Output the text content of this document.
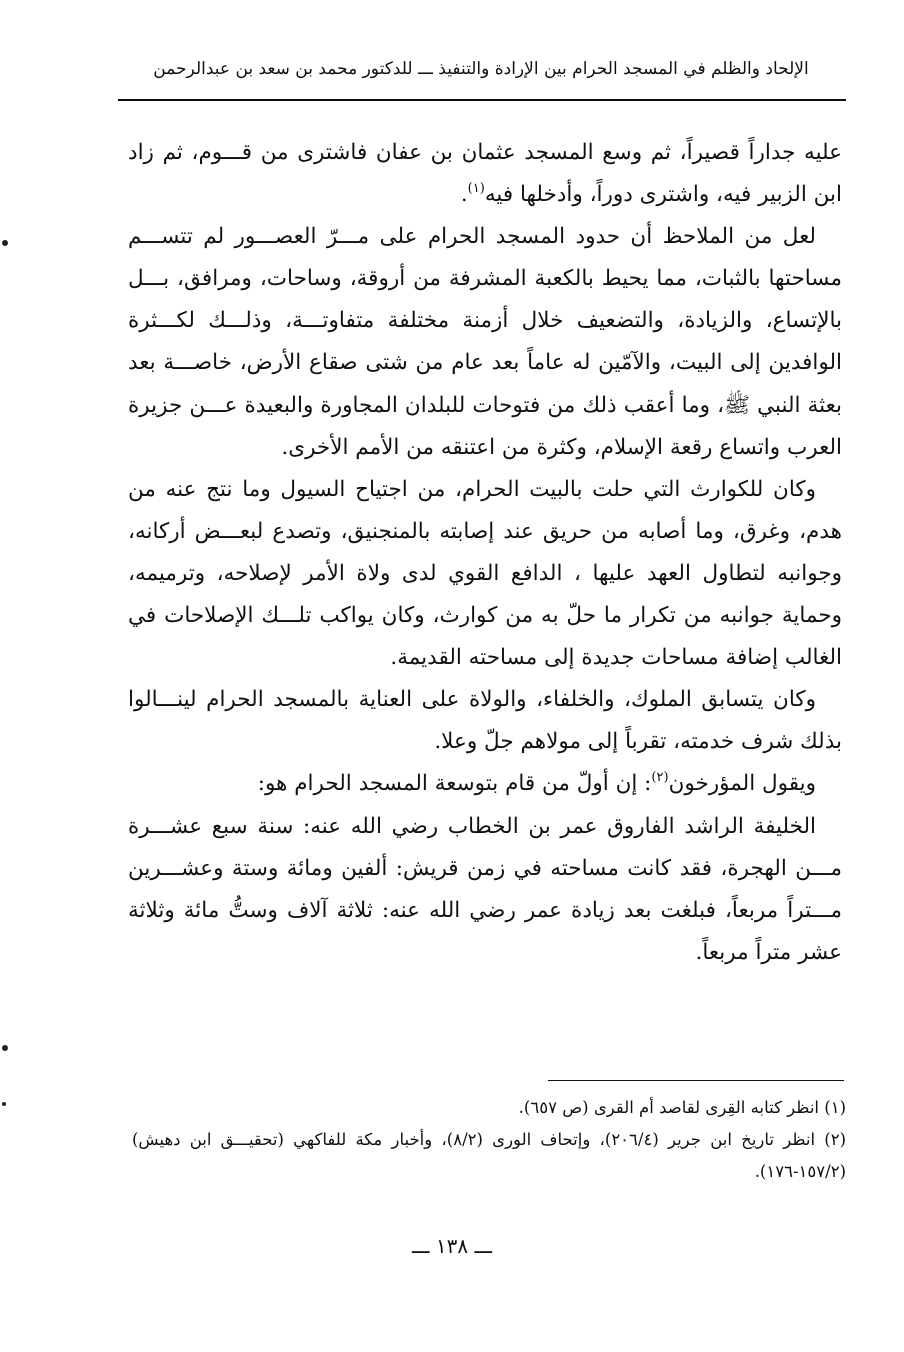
الإلحاد والظلم في المسجد الحرام بين الإرادة والتنفيذ ـــ للدكتور محمد بن سعد بن عبدالرحمن

عليه جداراً قصيراً، ثم وسع المسجد عثمان بن عفان فاشترى من قـــوم، ثم زاد ابن الزبير فيه، واشترى دوراً، وأدخلها فيه$^{(١)}$.

لعل من الملاحظ أن حدود المسجد الحرام على مـــرّ العصـــور لم تتســـم مساحتها بالثبات، مما يحيط بالكعبة المشرفة من أروقة، وساحات، ومرافق، بـــل بالإتساع، والزيادة، والتضعيف خلال أزمنة مختلفة متفاوتـــة، وذلـــك لكـــثرة الوافدين إلى البيت، والآمّين له عاماً بعد عام من شتى صقاع الأرض، خاصـــة بعد بعثة النبي ﷺ، وما أعقب ذلك من فتوحات للبلدان المجاورة والبعيدة عـــن جزيرة العرب واتساع رقعة الإسلام، وكثرة من اعتنقه من الأمم الأخرى.

وكان للكوارث التي حلت بالبيت الحرام، من اجتياح السيول وما نتج عنه من هدم، وغرق، وما أصابه من حريق عند إصابته بالمنجنيق، وتصدع لبعـــض أركانه، وجوانبه لتطاول العهد عليها ، الدافع القوي لدى ولاة الأمر لإصلاحه، وترميمه، وحماية جوانبه من تكرار ما حلّ به من كوارث، وكان يواكب تلـــك الإصلاحات في الغالب إضافة مساحات جديدة إلى مساحته القديمة.

وكان يتسابق الملوك، والخلفاء، والولاة على العناية بالمسجد الحرام لينـــالوا بذلك شرف خدمته، تقرباً إلى مولاهم جلّ وعلا.

ويقول المؤرخون$^{(٢)}$: إن أولّ من قام بتوسعة المسجد الحرام هو:

الخليفة الراشد الفاروق عمر بن الخطاب رضي الله عنه: سنة سبع عشـــرة مـــن الهجرة، فقد كانت مساحته في زمن قريش: ألفين ومائة وستة وعشـــرين مـــتراً مربعاً، فبلغت بعد زيادة عمر رضي الله عنه: ثلاثة آلاف وستُّ مائة وثلاثة عشر متراً مربعاً.

(١) انظر كتابه القِرى لقاصد أم القرى (ص ٦٥٧).

(٢) انظر تاريخ ابن جرير (٢٠٦/٤)، وإتحاف الورى (٨/٢)، وأخبار مكة للفاكهي (تحقيـــق ابن دهيش) (١٥٧/٢-١٧٦).

ـــ ١٣٨ ـــ
